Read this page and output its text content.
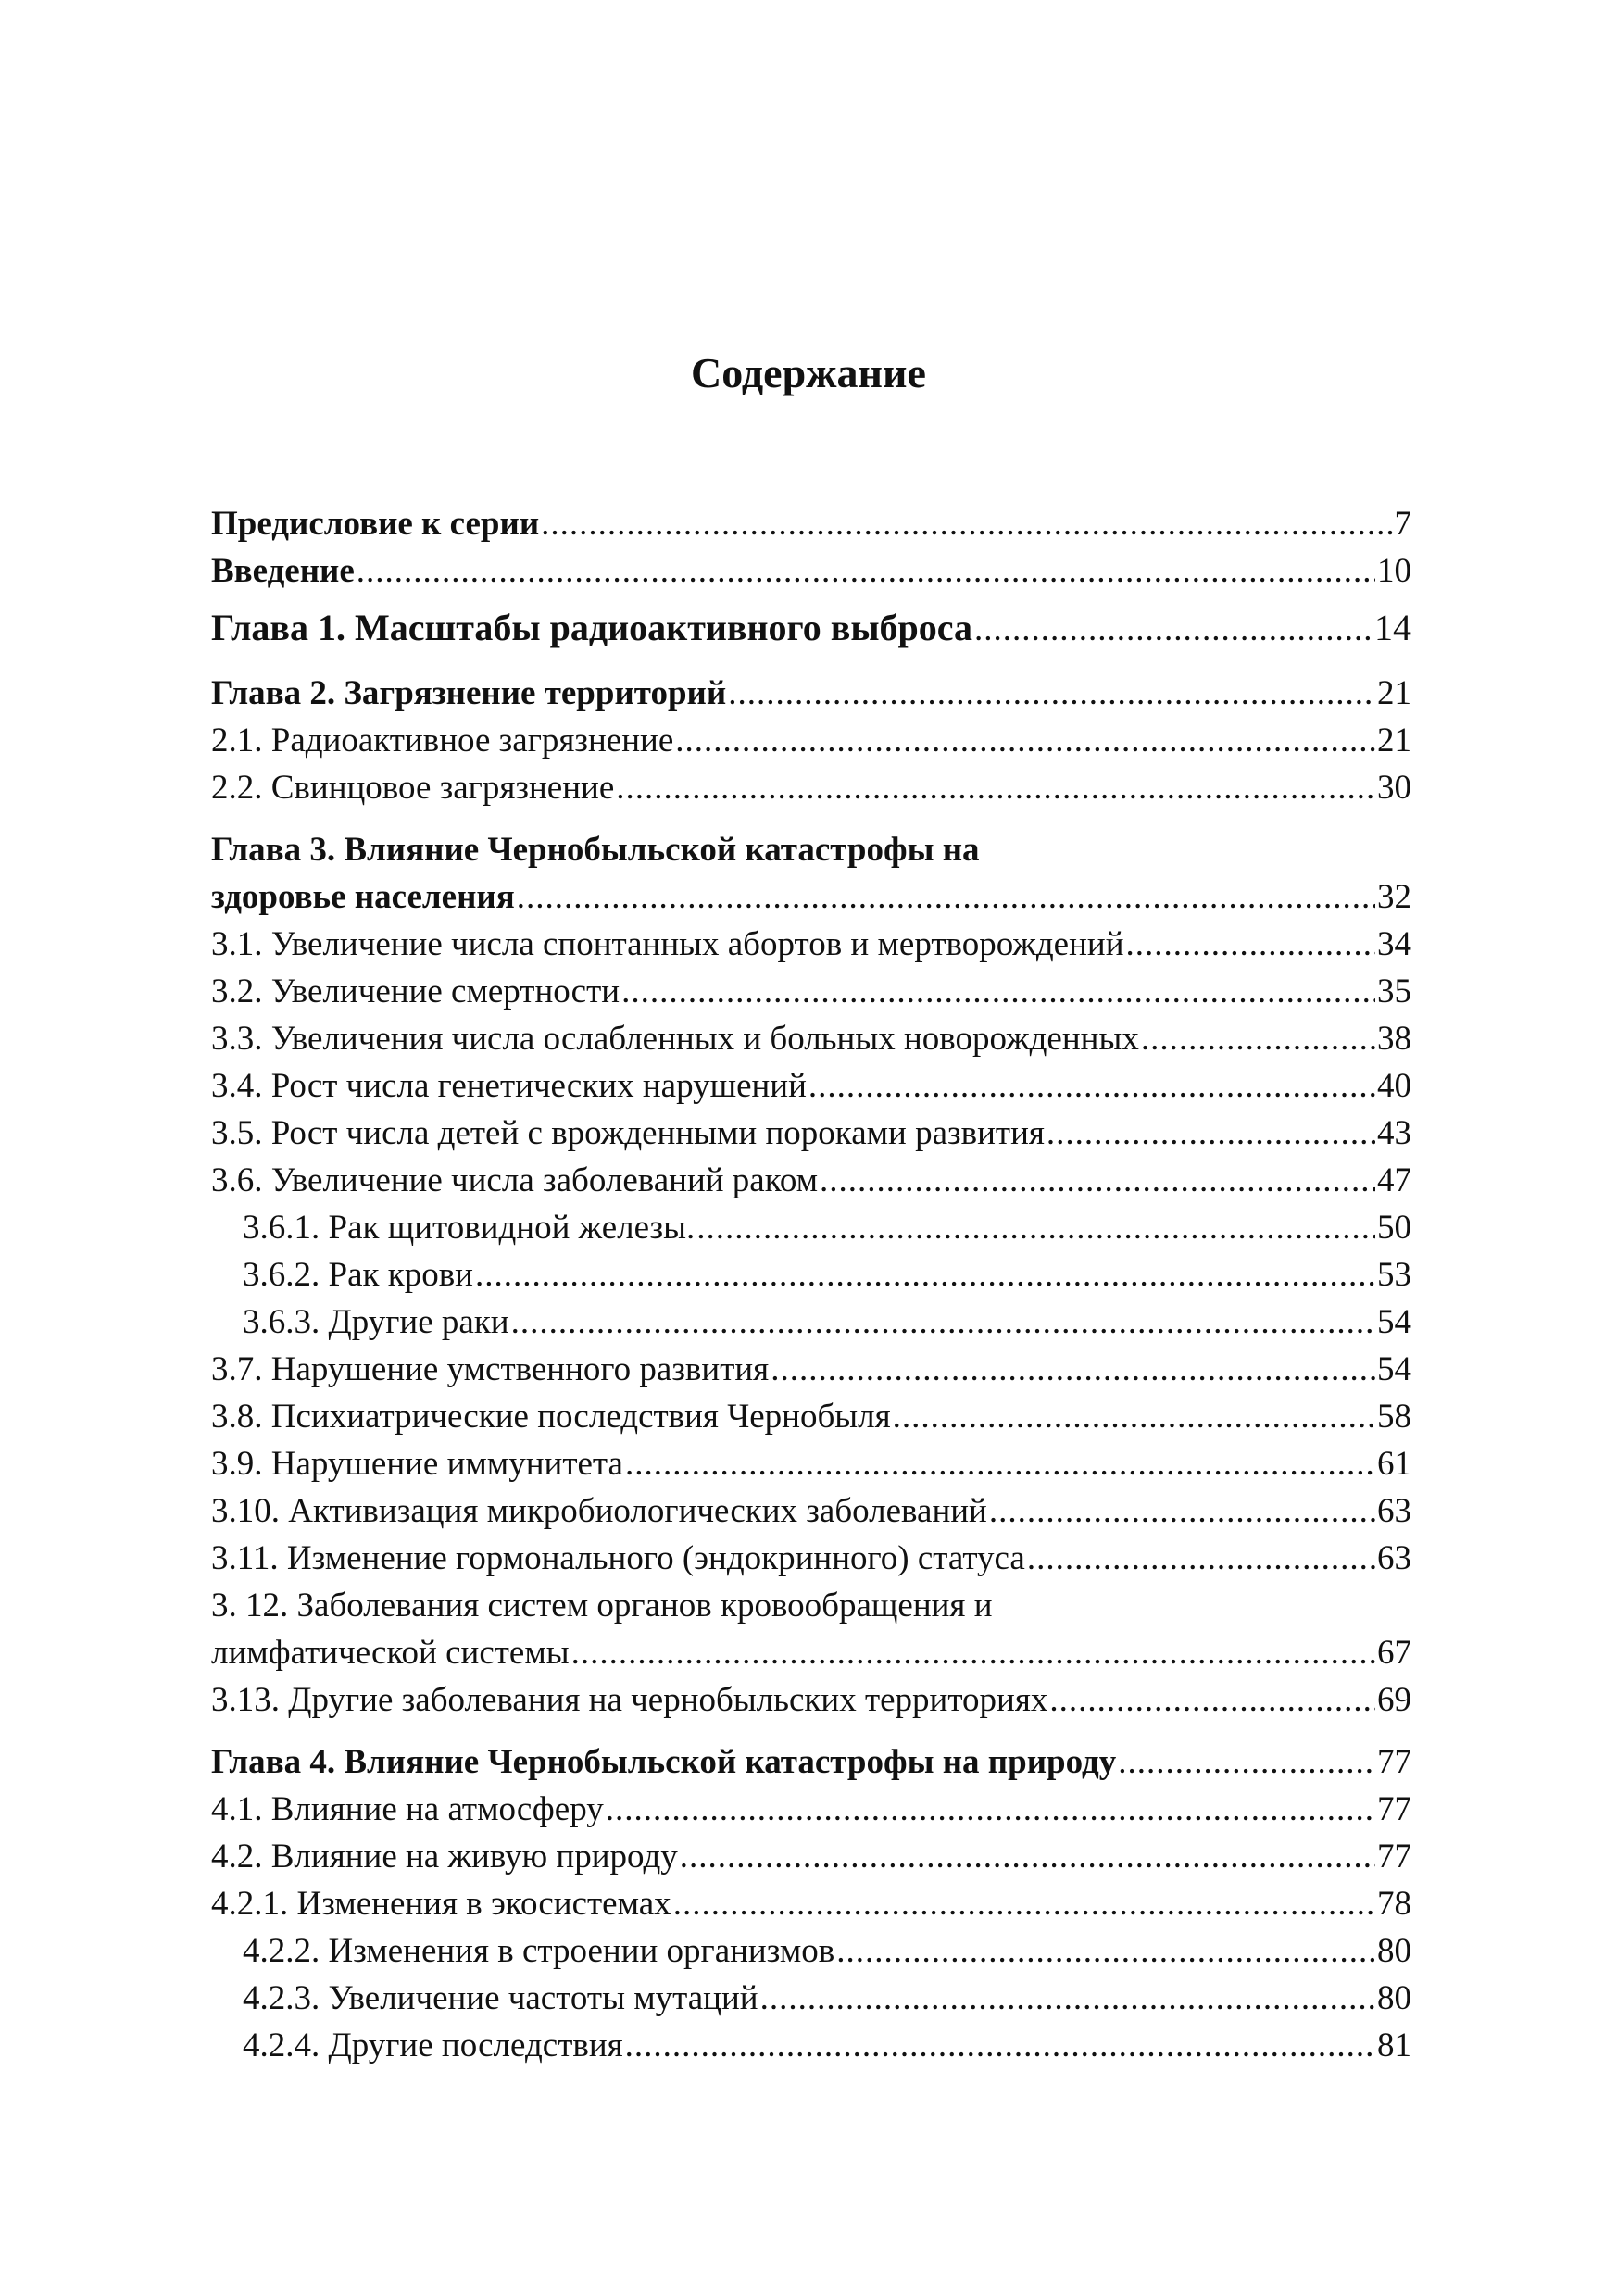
Содержание
Предисловие к серии .....	7
Введение .....	10
Глава 1. Масштабы радиоактивного выброса .....	14
Глава 2. Загрязнение территорий .....	21
2.1. Радиоактивное загрязнение .....	21
2.2. Свинцовое загрязнение .....	30
Глава 3. Влияние Чернобыльской катастрофы на
здоровье населения .....	32
3.1. Увеличение числа спонтанных абортов и мертворождений .....	34
3.2. Увеличение смертности .....	35
3.3. Увеличения числа ослабленных и больных новорожденных .....	38
3.4. Рост числа генетических нарушений .....	40
3.5. Рост числа детей с врожденными пороками развития .....	43
3.6. Увеличение числа заболеваний раком .....	47
3.6.1. Рак щитовидной железы. .....	50
3.6.2. Рак крови .....	53
3.6.3. Другие раки .....	54
3.7. Нарушение умственного развития .....	54
3.8. Психиатрические последствия Чернобыля .....	58
3.9. Нарушение иммунитета .....	61
3.10. Активизация микробиологических заболеваний .....	63
3.11. Изменение гормонального (эндокринного) статуса .....	63
3. 12. Заболевания систем органов кровообращения и
лимфатической системы .....	67
3.13. Другие заболевания на чернобыльских территориях .....	69
Глава 4. Влияние Чернобыльской катастрофы на природу .....	77
4.1. Влияние на атмосферу .....	77
4.2. Влияние на живую природу .....	77
4.2.1. Изменения в экосистемах .....	78
4.2.2. Изменения в строении организмов .....	80
4.2.3. Увеличение частоты мутаций .....	80
4.2.4. Другие последствия .....	81
